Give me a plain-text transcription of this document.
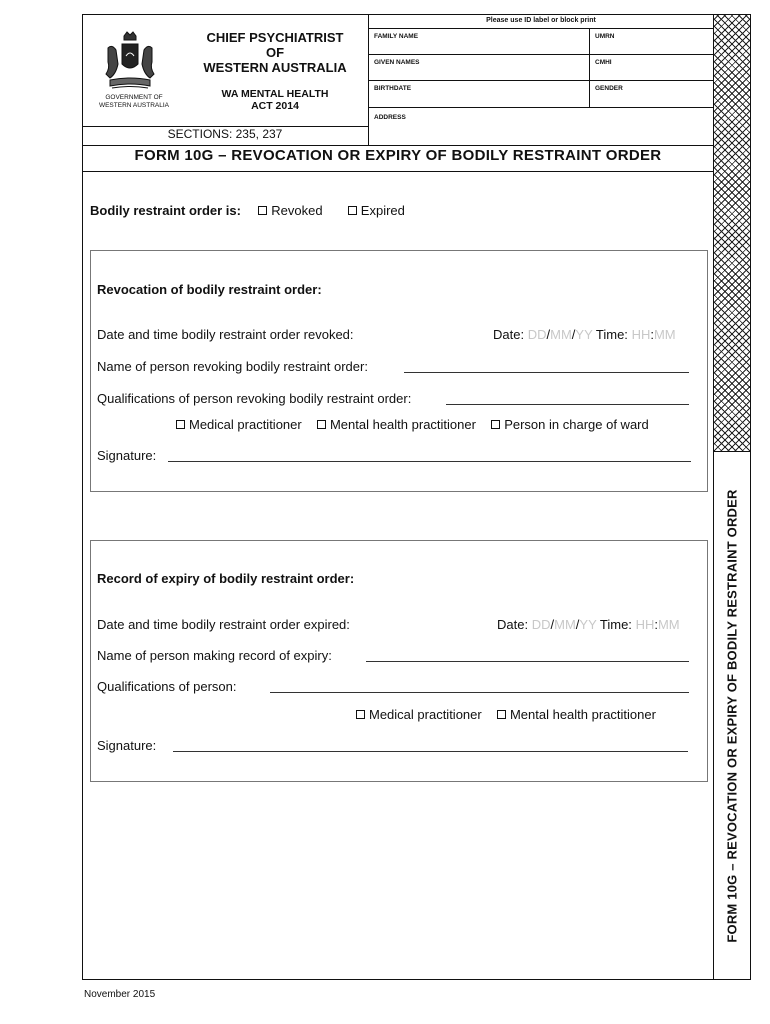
FORM 10G – REVOCATION OR EXPIRY OF BODILY RESTRAINT ORDER
GOVERNMENT OF
WESTERN AUSTRALIA
CHIEF PSYCHIATRIST
OF
WESTERN AUSTRALIA
WA MENTAL HEALTH
ACT 2014
SECTIONS: 235, 237
Please use ID label or block print
FAMILY NAME	UMRN
GIVEN NAMES	CMHI
BIRTHDATE	GENDER
ADDRESS
FORM 10G – REVOCATION OR EXPIRY OF BODILY RESTRAINT ORDER
Bodily restraint order is: Revoked	Expired
Revocation of bodily restraint order:
Date and time bodily restraint order revoked:	Date: DD/MM/YY Time: HH:MM
Name of person revoking bodily restraint order:
Qualifications of person revoking bodily restraint order:
Medical practitioner Mental health practitioner Person in charge of ward
Signature:
Record of expiry of bodily restraint order:
Date and time bodily restraint order expired:	Date: DD/MM/YY Time: HH:MM
Name of person making record of expiry:
Qualifications of person:
Medical practitioner Mental health practitioner
Signature:
November 2015
